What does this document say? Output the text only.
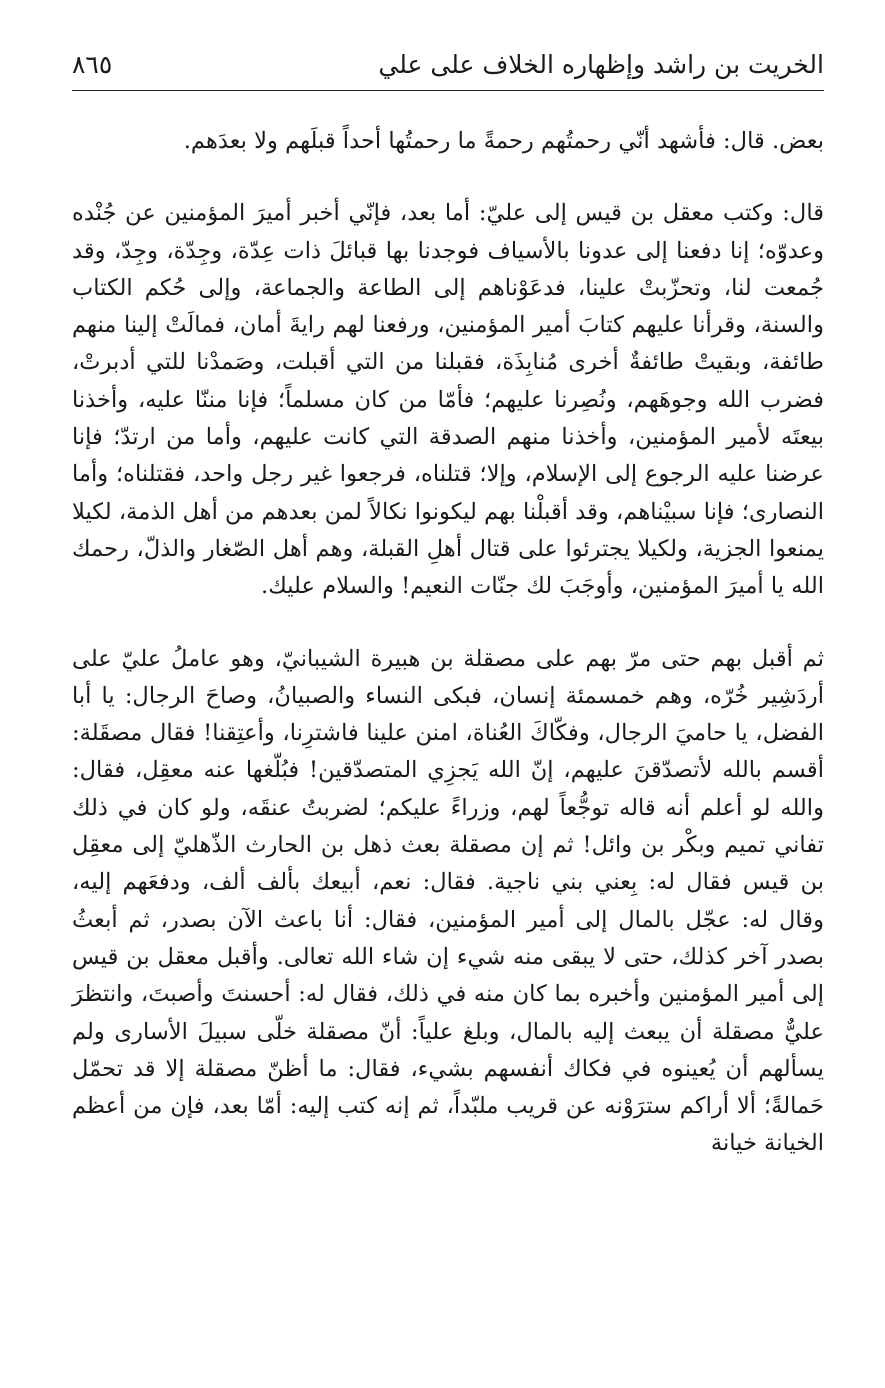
الخريت بن راشد وإظهاره الخلاف على علي
٨٦٥

بعض. قال: فأشهد أنّي رحمتُهم رحمةً ما رحمتُها أحداً قبلَهم ولا بعدَهم.

قال: وكتب معقل بن قيس إلى عليّ: أما بعد، فإنّي أخبر أميرَ المؤمنين عن جُنْده وعدوّه؛ إنا دفعنا إلى عدونا بالأسياف فوجدنا بها قبائلَ ذات عِدّة، وجِدّة، وجِدّ، وقد جُمعت لنا، وتحزّبتْ علينا، فدعَوْناهم إلى الطاعة والجماعة، وإلى حُكم الكتاب والسنة، وقرأنا عليهم كتابَ أمير المؤمنين، ورفعنا لهم رايةَ أمان، فمالَتْ إلينا منهم طائفة، وبقيتْ طائفةٌ أخرى مُنابِذَة، فقبلنا من التي أقبلت، وصَمدْنا للتي أدبرتْ، فضرب الله وجوهَهم، ونُصِرنا عليهم؛ فأمّا من كان مسلماً؛ فإنا مننّا عليه، وأخذنا بيعتَه لأمير المؤمنين، وأخذنا منهم الصدقة التي كانت عليهم، وأما من ارتدّ؛ فإنا عرضنا عليه الرجوع إلى الإسلام، وإلا؛ قتلناه، فرجعوا غير رجل واحد، فقتلناه؛ وأما النصارى؛ فإنا سبيْناهم، وقد أقبلْنا بهم ليكونوا نكالاً لمن بعدهم من أهل الذمة، لكيلا يمنعوا الجزية، ولكيلا يجترئوا على قتال أهلِ القبلة، وهم أهل الصّغار والذلّ، رحمك الله يا أميرَ المؤمنين، وأوجَبَ لك جنّات النعيم! والسلام عليك.

ثم أقبل بهم حتى مرّ بهم على مصقلة بن هبيرة الشيبانيّ، وهو عاملُ عليّ على أردَشِير خُرّه، وهم خمسمئة إنسان، فبكى النساء والصبيانُ، وصاحَ الرجال: يا أبا الفضل، يا حاميَ الرجال، وفكّاكَ العُناة، امنن علينا فاشترِنا، وأعتِقنا! فقال مصقَلة: أقسم بالله لأتصدّقنَ عليهم، إنّ الله يَجزِي المتصدّقين! فبُلّغها عنه معقِل، فقال: والله لو أعلم أنه قاله توجُّعاً لهم، وزراءً عليكم؛ لضربتُ عنقَه، ولو كان في ذلك تفاني تميم وبكْر بن وائل! ثم إن مصقلة بعث ذهل بن الحارث الذّهليّ إلى معقِل بن قيس فقال له: بِعني بني ناجية. فقال: نعم، أبيعك بألف ألف، ودفعَهم إليه، وقال له: عجّل بالمال إلى أمير المؤمنين، فقال: أنا باعث الآن بصدر، ثم أبعثُ بصدر آخر كذلك، حتى لا يبقى منه شيء إن شاء الله تعالى. وأقبل معقل بن قيس إلى أمير المؤمنين وأخبره بما كان منه في ذلك، فقال له: أحسنتَ وأصبتَ، وانتظرَ عليٌّ مصقلة أن يبعث إليه بالمال، وبلغ علياً: أنّ مصقلة خلّى سبيلَ الأسارى ولم يسألهم أن يُعينوه في فكاك أنفسهم بشيء، فقال: ما أظنّ مصقلة إلا قد تحمّل حَمالةً؛ ألا أراكم سترَوْنه عن قريب ملبّداً، ثم إنه كتب إليه: أمّا بعد، فإن من أعظم الخيانة خيانة
